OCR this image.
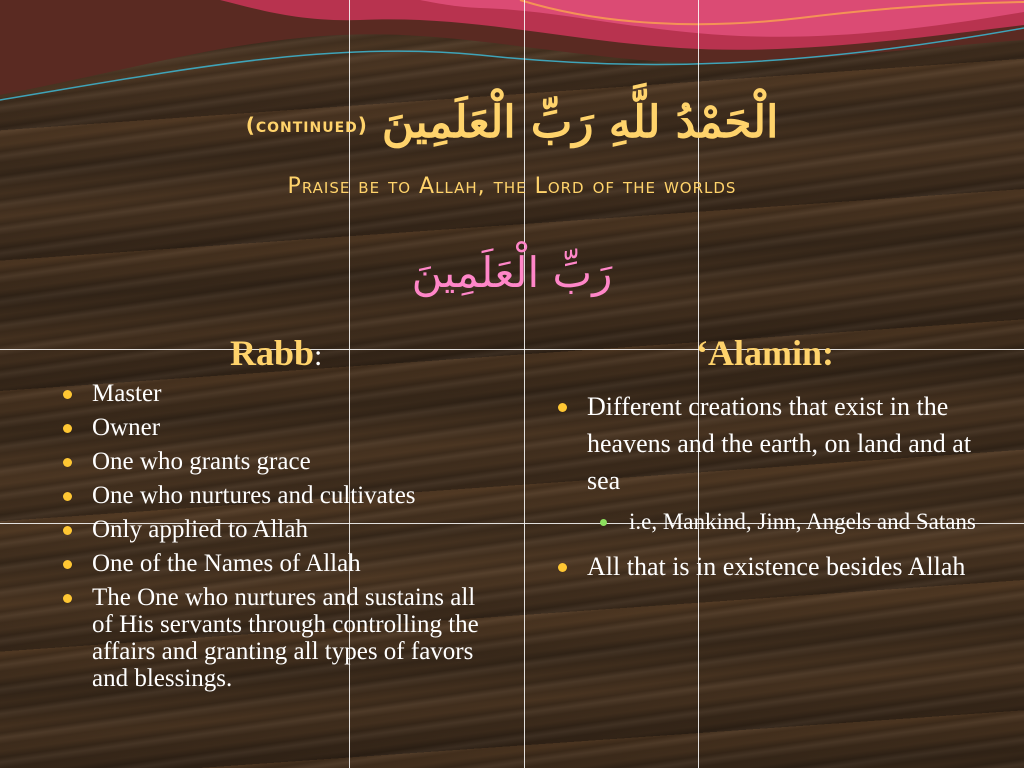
(continued) الْحَمْدُ للَّهِ رَبِّ الْعَلَمِينَ
Praise be to Allah, the Lord of the worlds
رَبِّ الْعَلَمِينَ
Rabb:	‘Alamin:
Master
Owner
One who grants grace
One who nurtures and cultivates
Only applied to Allah
One of the Names of Allah
The One who nurtures and sustains all of His servants through controlling the affairs and granting all types of favors and blessings.
Different creations that exist in the heavens and the earth, on land and at sea
i.e, Mankind, Jinn, Angels and Satans
All that is in existence besides Allah
